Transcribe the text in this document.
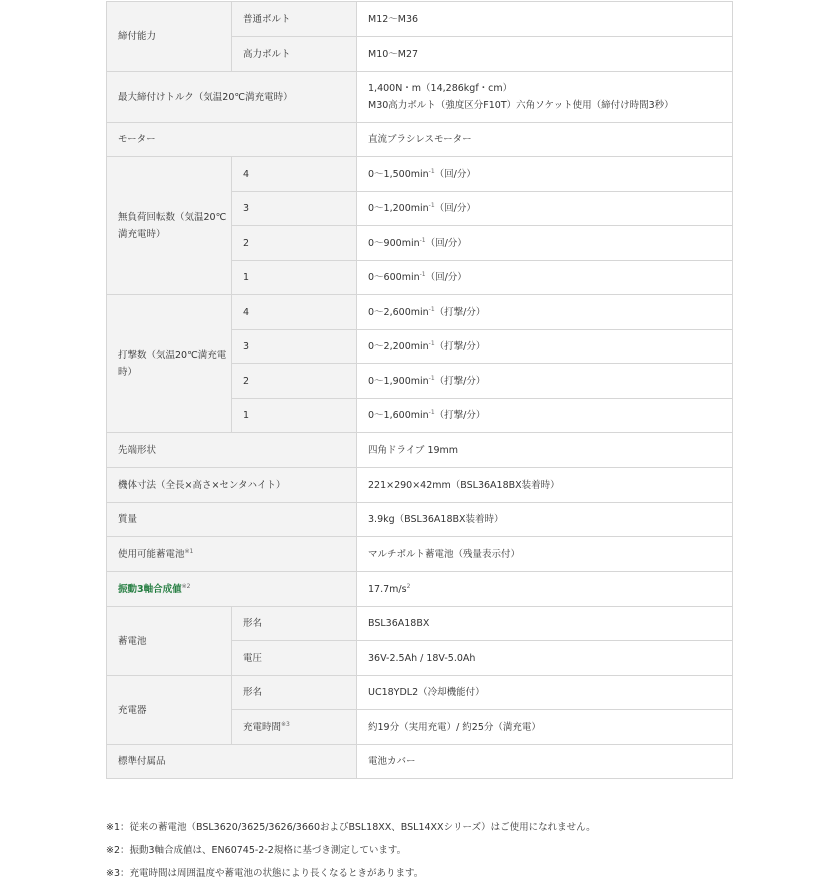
締付能力	普通ボルト	M12～M36
	高力ボルト	M10～M27
最大締付けトルク（気温20℃満充電時）		1,400N・m（14,286kgf・cm）
M30高力ボルト（強度区分F10T）六角ソケット使用（締付け時間3秒）

モーター		直流ブラシレスモーター
無負荷回転数（気温20℃満充電時）	4	$0\sim 1,500\min^{-1}$（回/分）
	3	$0\sim 1,200\min^{-1}$（回/分）
	2	$0\sim 900\min^{-1}$（回/分）
	1	$0\sim 600\min^{-1}$（回/分）
打撃数（気温20℃満充電時）	4	$0\sim 2,600\min^{-1}$（打撃/分）
	3	$0\sim 2,200\min^{-1}$（打撃/分）
	2	$0\sim 1,900\min^{-1}$（打撃/分）
	1	$0\sim 1,600\min^{-1}$（打撃/分）
先端形状		四角ドライブ 19mm
機体寸法（全長×高さ×センタハイト）		221×290×42mm（BSL36A18BX装着時）
質量		3.9kg（BSL36A18BX装着時）
使用可能蓄電池$^{※1}$		マルチボルト蓄電池（残量表示付）
振動3軸合成値$^{※2}$		$17.7m/s^2$
蓄電池	形名	BSL36A18BX
	電圧	36V-2.5Ah / 18V-5.0Ah
充電器	形名	UC18YDL2（冷却機能付）
	充電時間$^{※3}$	約19分（実用充電）/ 約25分（満充電）
標準付属品		電池カバー

※1：従来の蓄電池（BSL3620/3625/3626/3660およびBSL18XX、BSL14XXシリーズ）はご使用になれません。

※2：振動3軸合成値は、EN60745-2-2規格に基づき測定しています。

※3：充電時間は周囲温度や蓄電池の状態により長くなるときがあります。
